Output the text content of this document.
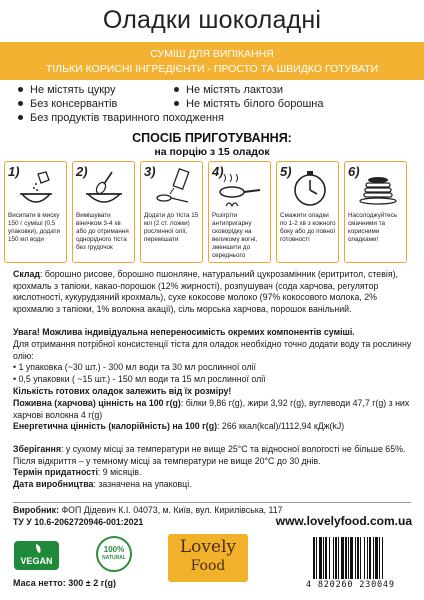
Оладки шоколадні
СУМІШ ДЛЯ ВИПІКАННЯ
ТІЛЬКИ КОРИСНІ ІНГРЕДІЄНТИ - ПРОСТО ТА ШВИДКО ГОТУВАТИ
Не містять цукру	Не містять лактози
Без консервантів	Не містять білого борошна
Без продуктів тваринного походження
СПОСІБ ПРИГОТУВАННЯ:
на порцію з 15 оладок
1)
Висипати в миску 150 г суміші (0,5 упаковки), додати 150 мл води
2)
Вимішувати віничком 3-4 хв або до отримання однорідного тіста без грудочок
3)
Додати до тіста 15 мл (2 ст. ложки) рослинної олії, перемішати
4)
Розігріти антипригарну сковорідку на великому вогні, зменшити до середнього
5)
Смажити оладки по 1-2 хв з кожного боку або до повної готовності
6)
Насолоджуйтесь смачними та корисними оладками!
Склад: борошно рисове, борошно пшонляне, натуральний цукрозамінник (еритритол, стевія), крохмаль з тапіоки, какао-порошок (12% жирності), розпушувач (сода харчова, регулятор кислотності, кукурудзяний крохмаль), сухе кокосове молоко (97% кокосового молока, 2% крохмалю з тапіоки, 1% волокна акації), сіль морська харчова, порошок ванільний.
Увага! Можлива індивідуальна непереносимість окремих компонентів суміші.
Для отримання потрібної консистенції тіста для оладок необхідно точно додати воду та рослинну олію:
• 1 упаковка (~30 шт.) - 300 мл води та 30 мл рослинної олії
• 0,5 упаковки ( ~15 шт.) - 150 мл води та 15 мл рослинної олії
Кількість готових оладок залежить від їх розміру!
Поживна (харчова) цінність на 100 г(g): білки 9,86 г(g), жири 3,92 г(g), вуглеводи 47,7 г(g) з них харчові волокна 4 г(g)
Енергетична цінність (калорійність) на 100 г(g): 266 ккал(kcal)/1112,94 кДж(kJ)
Зберігання: у сухому місці за температури не вище 25°С та відносної вологості не більше 65%. Після відкриття – у темному місці за температури не вище 20°С до 30 днів.
Термін придатності: 9 місяців.
Дата виробництва: зазначена на упаковці.
Виробник: ФОП Дідевич К.І. 04073, м. Київ, вул. Кирилівська, 117
ТУ У 10.6-2062720946-001:2021	www.lovelyfood.com.ua
VEGAN
100%
NATURAL
Lovely
Food
4 820260 230049
Маса нетто: 300 ± 2 г(g)
